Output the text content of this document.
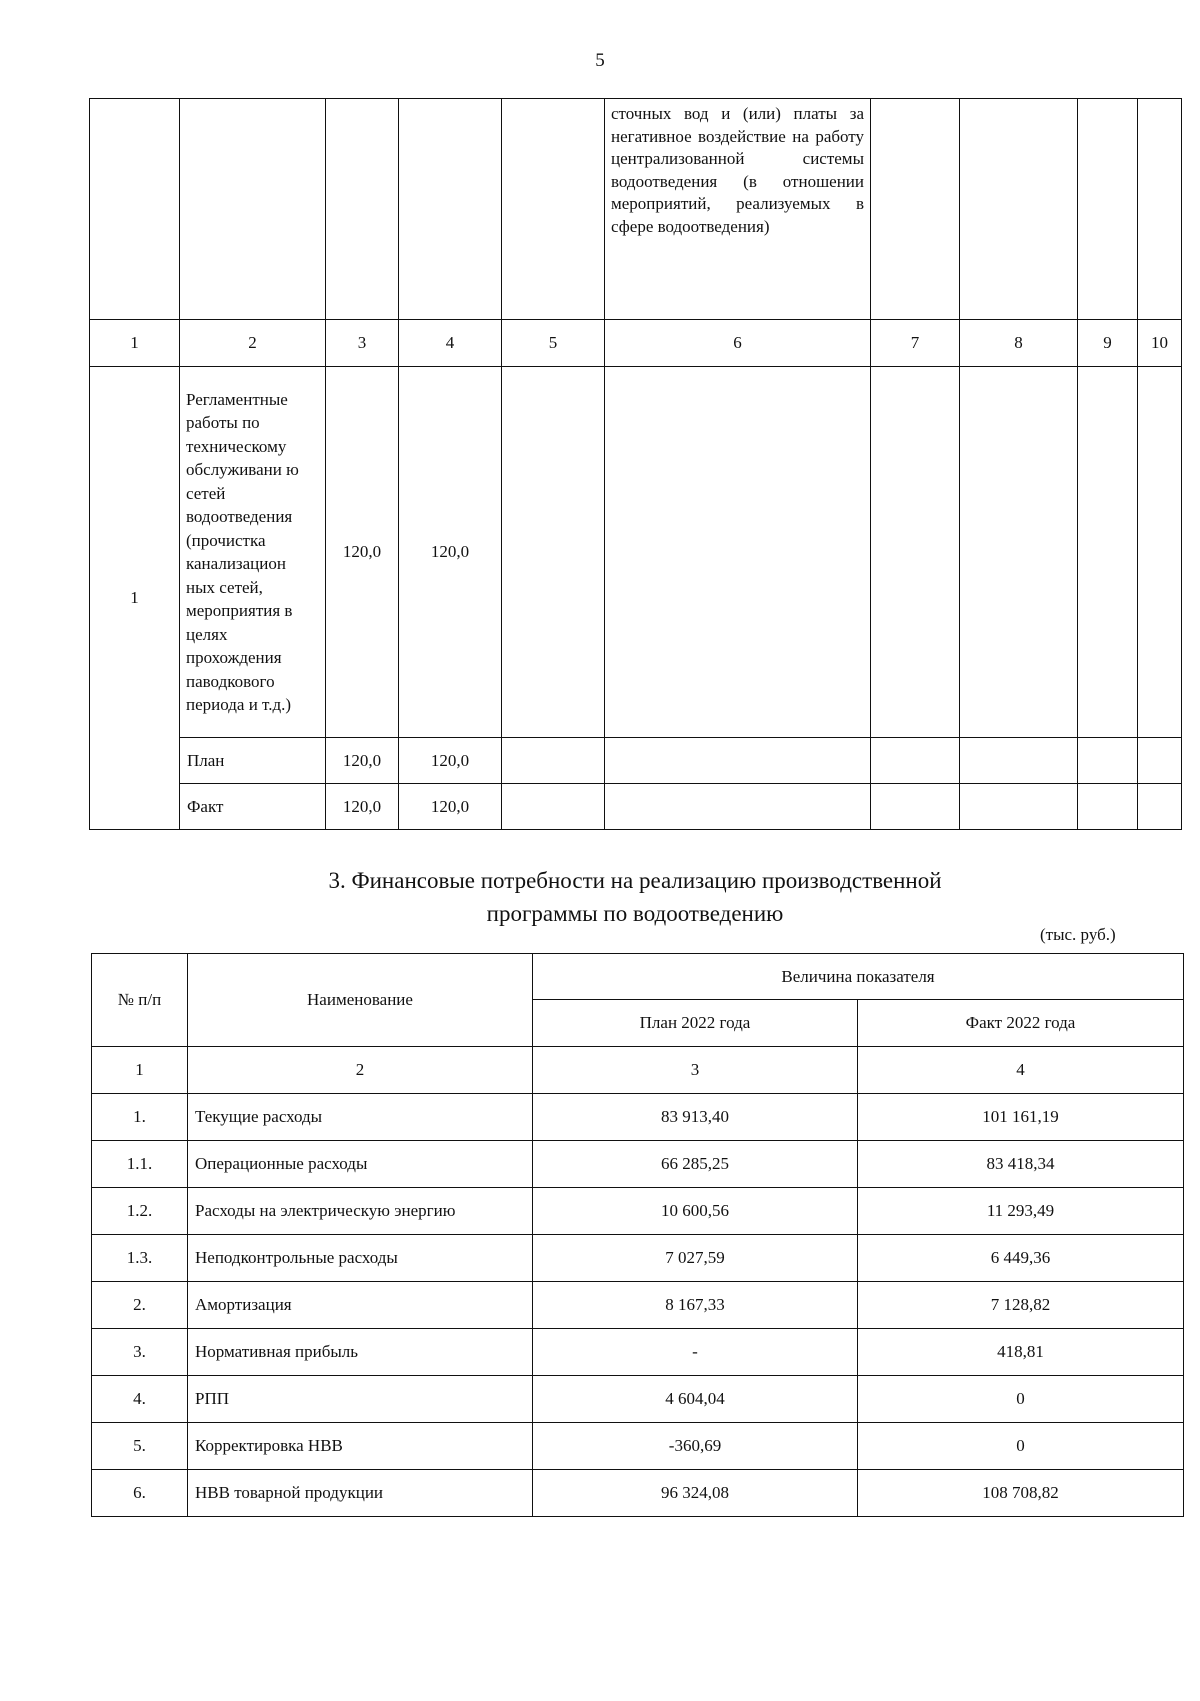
5
					сточных вод и (или) платы за негативное воздействие на работу централизованной системы водоотведения (в отношении мероприятий, реализуемых в сфере водоотведения)				
1	2	3	4	5	6	7	8	9	10
1	Регламентные работы по техническому обслуживани ю сетей водоотведения (прочистка канализацион ных сетей, мероприятия в целях прохождения паводкового периода и т.д.)	120,0	120,0						
	План	120,0	120,0						
	Факт	120,0	120,0						
3. Финансовые потребности на реализацию производственной
программы по водоотведению
(тыс. руб.)
№ п/п	Наименование	Величина показателя	
		План 2022 года	Факт 2022 года
1	2	3	4
1.	Текущие расходы	83 913,40	101 161,19
1.1.	Операционные расходы	66 285,25	83 418,34
1.2.	Расходы на электрическую энергию	10 600,56	11 293,49
1.3.	Неподконтрольные расходы	7 027,59	6 449,36
2.	Амортизация	8 167,33	7 128,82
3.	Нормативная прибыль	-	418,81
4.	РПП	4 604,04	0
5.	Корректировка НВВ	-360,69	0
6.	НВВ товарной продукции	96 324,08	108 708,82
